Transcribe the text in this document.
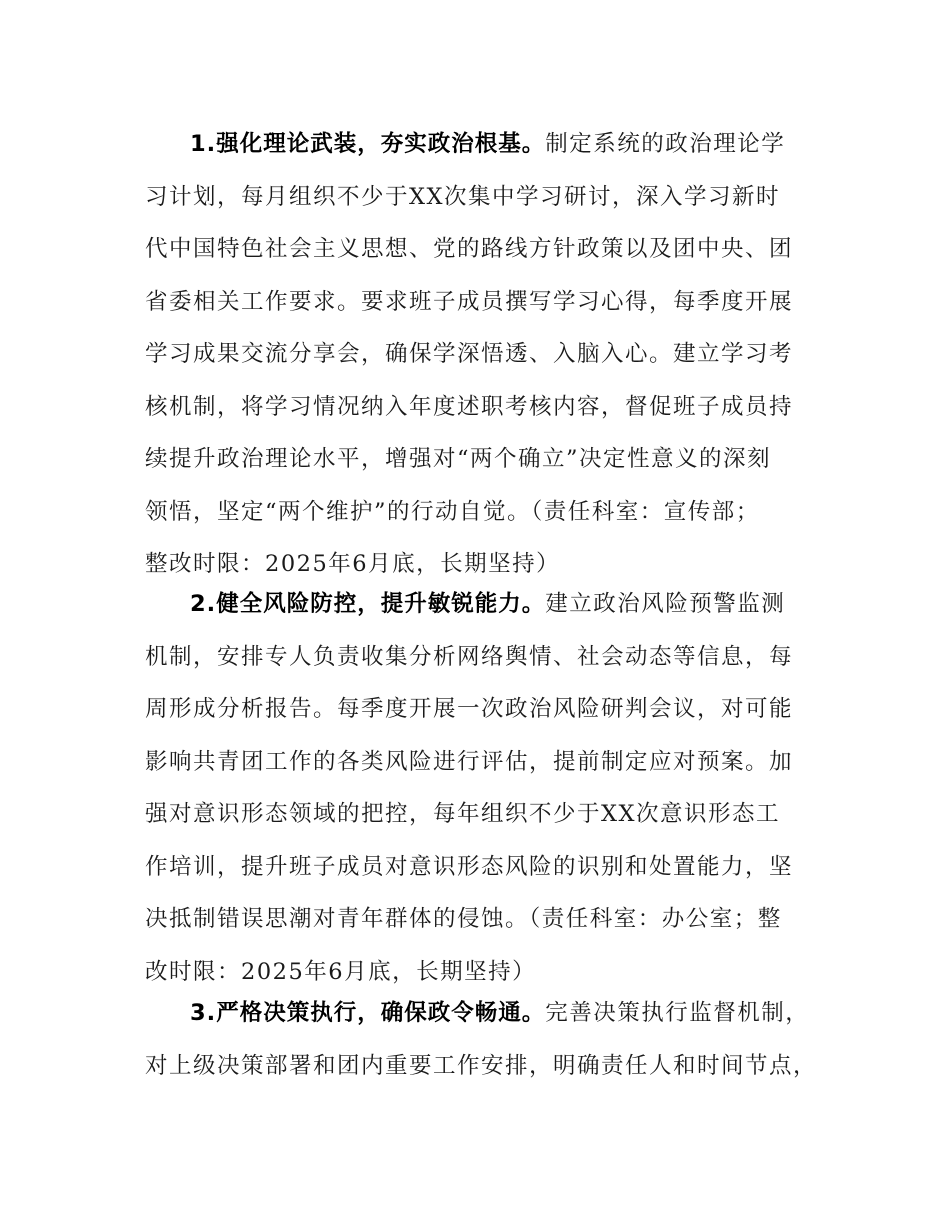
1.强化理论武装，夯实政治根基。制定系统的政治理论学
习计划，每月组织不少于XX次集中学习研讨，深入学习新时
代中国特色社会主义思想、党的路线方针政策以及团中央、团
省委相关工作要求。要求班子成员撰写学习心得，每季度开展
学习成果交流分享会，确保学深悟透、入脑入心。建立学习考
核机制，将学习情况纳入年度述职考核内容，督促班子成员持
续提升政治理论水平，增强对“两个确立”决定性意义的深刻
领悟，坚定“两个维护”的行动自觉。（责任科室：宣传部；
整改时限：2025年6月底，长期坚持）
2.健全风险防控，提升敏锐能力。建立政治风险预警监测
机制，安排专人负责收集分析网络舆情、社会动态等信息，每
周形成分析报告。每季度开展一次政治风险研判会议，对可能
影响共青团工作的各类风险进行评估，提前制定应对预案。加
强对意识形态领域的把控，每年组织不少于XX次意识形态工
作培训，提升班子成员对意识形态风险的识别和处置能力，坚
决抵制错误思潮对青年群体的侵蚀。（责任科室：办公室；整
改时限：2025年6月底，长期坚持）
3.严格决策执行，确保政令畅通。完善决策执行监督机制，
对上级决策部署和团内重要工作安排，明确责任人和时间节点，
